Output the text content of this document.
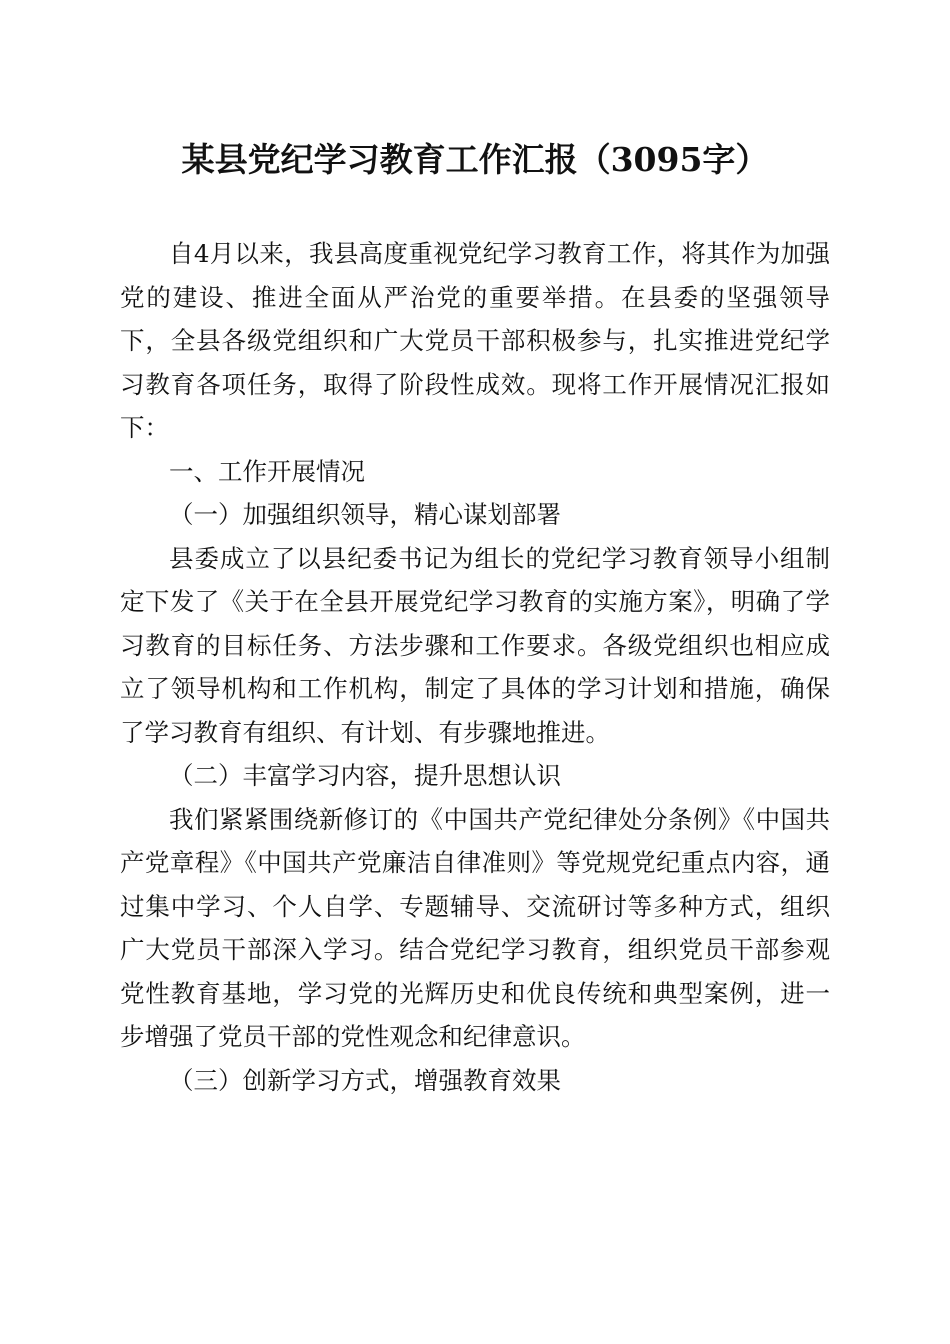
某县党纪学习教育工作汇报（3095字）

自4月以来，我县高度重视党纪学习教育工作，将其作为加强党的建设、推进全面从严治党的重要举措。在县委的坚强领导下，全县各级党组织和广大党员干部积极参与，扎实推进党纪学习教育各项任务，取得了阶段性成效。现将工作开展情况汇报如下：

一、工作开展情况

（一）加强组织领导，精心谋划部署

县委成立了以县纪委书记为组长的党纪学习教育领导小组制定下发了《关于在全县开展党纪学习教育的实施方案》，明确了学习教育的目标任务、方法步骤和工作要求。各级党组织也相应成立了领导机构和工作机构，制定了具体的学习计划和措施，确保了学习教育有组织、有计划、有步骤地推进。

（二）丰富学习内容，提升思想认识

我们紧紧围绕新修订的《中国共产党纪律处分条例》《中国共产党章程》《中国共产党廉洁自律准则》等党规党纪重点内容，通过集中学习、个人自学、专题辅导、交流研讨等多种方式，组织广大党员干部深入学习。结合党纪学习教育，组织党员干部参观党性教育基地，学习党的光辉历史和优良传统和典型案例，进一步增强了党员干部的党性观念和纪律意识。

（三）创新学习方式，增强教育效果
